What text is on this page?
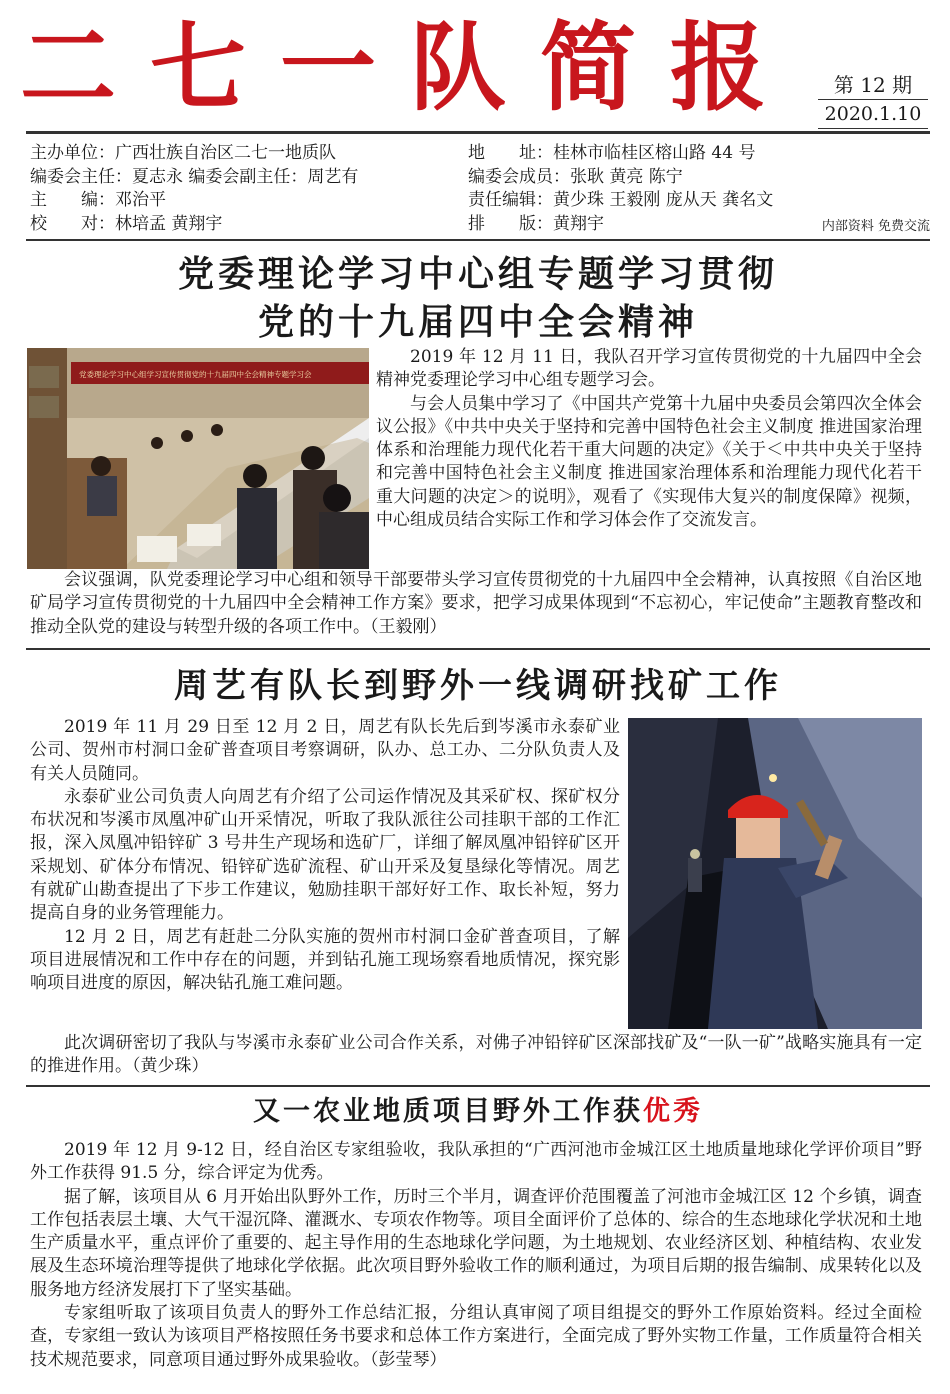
二七一队简报	第 12 期
2020.1.10
主办单位：广西壮族自治区二七一地质队	地　　址：桂林市临桂区榕山路 44 号
编委会主任：夏志永 编委会副主任：周艺有	编委会成员：张耿 黄亮 陈宁
主　　编：邓治平	责任编辑：黄少珠 王毅刚 庞从天 龚名文
校　　对：林培孟 黄翔宇	排　　版：黄翔宇	内部资料 免费交流
党委理论学习中心组专题学习贯彻
党的十九届四中全会精神
党委理论学习中心组学习宣传贯彻党的十九届四中全会精神专题学习会

2019 年 12 月 11 日，我队召开学习宣传贯彻党的十九届四中全会精神党委理论学习中心组专题学习会。

与会人员集中学习了《中国共产党第十九届中央委员会第四次全体会议公报》《中共中央关于坚持和完善中国特色社会主义制度 推进国家治理体系和治理能力现代化若干重大问题的决定》《关于＜中共中央关于坚持和完善中国特色社会主义制度 推进国家治理体系和治理能力现代化若干重大问题的决定＞的说明》，观看了《实现伟大复兴的制度保障》视频，中心组成员结合实际工作和学习体会作了交流发言。

会议强调，队党委理论学习中心组和领导干部要带头学习宣传贯彻党的十九届四中全会精神，认真按照《自治区地矿局学习宣传贯彻党的十九届四中全会精神工作方案》要求，把学习成果体现到“不忘初心，牢记使命”主题教育整改和推动全队党的建设与转型升级的各项工作中。（王毅刚）

周艺有队长到野外一线调研找矿工作

2019 年 11 月 29 日至 12 月 2 日，周艺有队长先后到岑溪市永泰矿业公司、贺州市村洞口金矿普查项目考察调研，队办、总工办、二分队负责人及有关人员随同。

永泰矿业公司负责人向周艺有介绍了公司运作情况及其采矿权、探矿权分布状况和岑溪市凤凰冲矿山开采情况，听取了我队派往公司挂职干部的工作汇报，深入凤凰冲铅锌矿 3 号井生产现场和选矿厂，详细了解凤凰冲铅锌矿区开采规划、矿体分布情况、铅锌矿选矿流程、矿山开采及复垦绿化等情况。周艺有就矿山勘查提出了下步工作建议，勉励挂职干部好好工作、取长补短，努力提高自身的业务管理能力。

12 月 2 日，周艺有赶赴二分队实施的贺州市村洞口金矿普查项目，了解项目进展情况和工作中存在的问题，并到钻孔施工现场察看地质情况，探究影响项目进度的原因，解决钻孔施工难问题。

此次调研密切了我队与岑溪市永泰矿业公司合作关系，对佛子冲铅锌矿区深部找矿及“一队一矿”战略实施具有一定的推进作用。（黄少珠）

又一农业地质项目野外工作获优秀

2019 年 12 月 9-12 日，经自治区专家组验收，我队承担的“广西河池市金城江区土地质量地球化学评价项目”野外工作获得 91.5 分，综合评定为优秀。

据了解，该项目从 6 月开始出队野外工作，历时三个半月，调查评价范围覆盖了河池市金城江区 12 个乡镇，调查工作包括表层土壤、大气干湿沉降、灌溉水、专项农作物等。项目全面评价了总体的、综合的生态地球化学状况和土地生产质量水平，重点评价了重要的、起主导作用的生态地球化学问题，为土地规划、农业经济区划、种植结构、农业发展及生态环境治理等提供了地球化学依据。此次项目野外验收工作的顺利通过，为项目后期的报告编制、成果转化以及服务地方经济发展打下了坚实基础。

专家组听取了该项目负责人的野外工作总结汇报，分组认真审阅了项目组提交的野外工作原始资料。经过全面检查，专家组一致认为该项目严格按照任务书要求和总体工作方案进行，全面完成了野外实物工作量，工作质量符合相关技术规范要求，同意项目通过野外成果验收。（彭莹琴）
